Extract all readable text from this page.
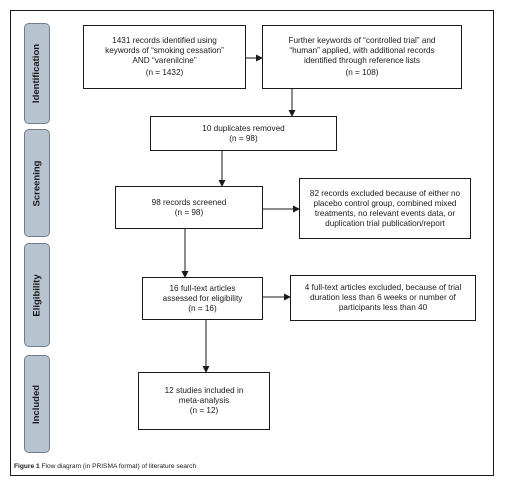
Identification
Screening
Eligibility
Included
1431 records identified using
keywords of “smoking cessation”
AND “varenilcine”
(n = 1432)
Further keywords of “controlled trial” and
“human” applied, with additional records
identified through reference lists
(n = 108)
10 duplicates removed
(n = 98)
98 records screened
(n = 98)
82 records excluded because of either no
placebo control group, combined mixed
treatments, no relevant events data, or
duplication trial publication/report
16 full-text articles
assessed for eligibility
(n = 16)
4 full-text articles excluded, because of trial
duration less than 6 weeks or number of
participants less than 40
12 studies included in
meta-analysis
(n = 12)
Figure 1 Flow diagram (in PRISMA format) of literature search
